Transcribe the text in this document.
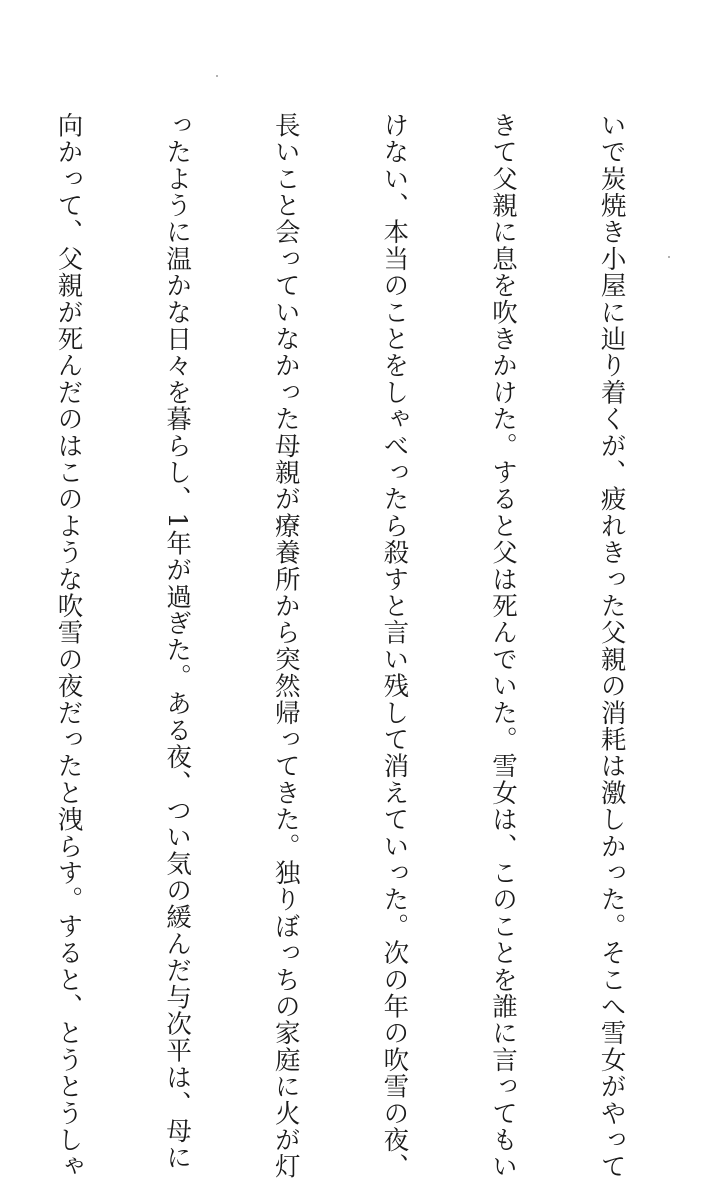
いで炭焼き小屋に辿り着くが、疲れきった父親の消耗は激しかった。そこへ雪女がやって

きて父親に息を吹きかけた。すると父は死んでいた。雪女は、このことを誰に言ってもい

けない、本当のことをしゃべったら殺すと言い残して消えていった。次の年の吹雪の夜、

長いこと会っていなかった母親が療養所から突然帰ってきた。独りぼっちの家庭に火が灯

ったように温かな日々を暮らし、1年が過ぎた。ある夜、つい気の緩んだ与次平は、母に

向かって、父親が死んだのはこのような吹雪の夜だったと洩らす。すると、とうとうしゃ
